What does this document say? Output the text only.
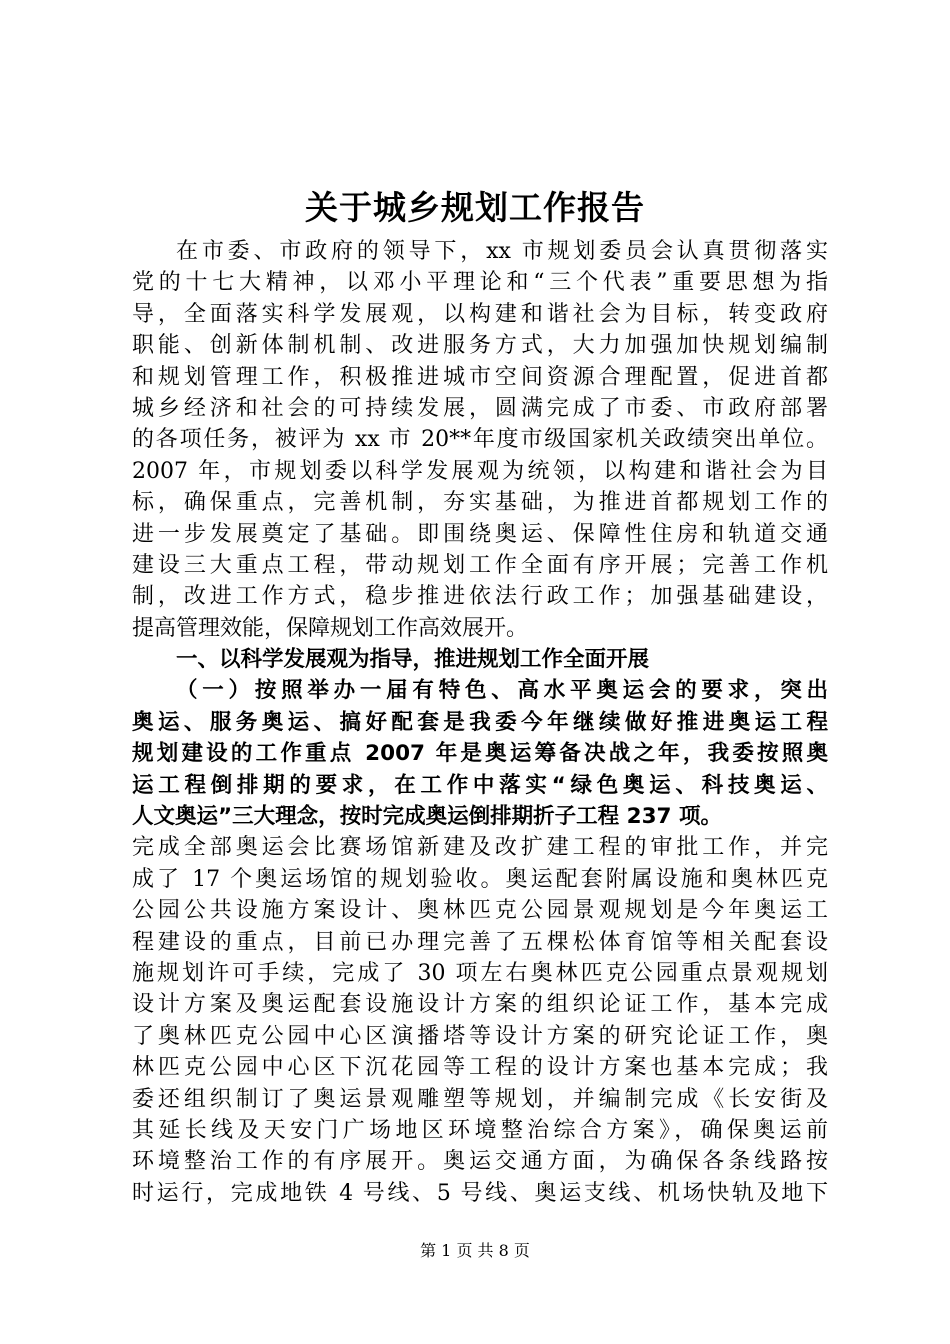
关于城乡规划工作报告
在市委、市政府的领导下，xx 市规划委员会认真贯彻落实
党的十七大精神，以邓小平理论和“三个代表”重要思想为指
导，全面落实科学发展观，以构建和谐社会为目标，转变政府
职能、创新体制机制、改进服务方式，大力加强加快规划编制
和规划管理工作，积极推进城市空间资源合理配置，促进首都
城乡经济和社会的可持续发展，圆满完成了市委、市政府部署
的各项任务，被评为 xx 市 20**年度市级国家机关政绩突出单位。
2007 年，市规划委以科学发展观为统领，以构建和谐社会为目
标，确保重点，完善机制，夯实基础，为推进首都规划工作的
进一步发展奠定了基础。即围绕奥运、保障性住房和轨道交通
建设三大重点工程，带动规划工作全面有序开展；完善工作机
制，改进工作方式，稳步推进依法行政工作；加强基础建设，
提高管理效能，保障规划工作高效展开。
一、以科学发展观为指导，推进规划工作全面开展
（一）按照举办一届有特色、高水平奥运会的要求，突出
奥运、服务奥运、搞好配套是我委今年继续做好推进奥运工程
规划建设的工作重点 2007 年是奥运筹备决战之年，我委按照奥
运工程倒排期的要求，在工作中落实“绿色奥运、科技奥运、
人文奥运”三大理念，按时完成奥运倒排期折子工程 237 项。
完成全部奥运会比赛场馆新建及改扩建工程的审批工作，并完
成了 17 个奥运场馆的规划验收。奥运配套附属设施和奥林匹克
公园公共设施方案设计、奥林匹克公园景观规划是今年奥运工
程建设的重点，目前已办理完善了五棵松体育馆等相关配套设
施规划许可手续，完成了 30 项左右奥林匹克公园重点景观规划
设计方案及奥运配套设施设计方案的组织论证工作，基本完成
了奥林匹克公园中心区演播塔等设计方案的研究论证工作，奥
林匹克公园中心区下沉花园等工程的设计方案也基本完成；我
委还组织制订了奥运景观雕塑等规划，并编制完成《长安街及
其延长线及天安门广场地区环境整治综合方案》，确保奥运前
环境整治工作的有序展开。奥运交通方面，为确保各条线路按
时运行，完成地铁 4 号线、5 号线、奥运支线、机场快轨及地下
第 1 页 共 8 页
